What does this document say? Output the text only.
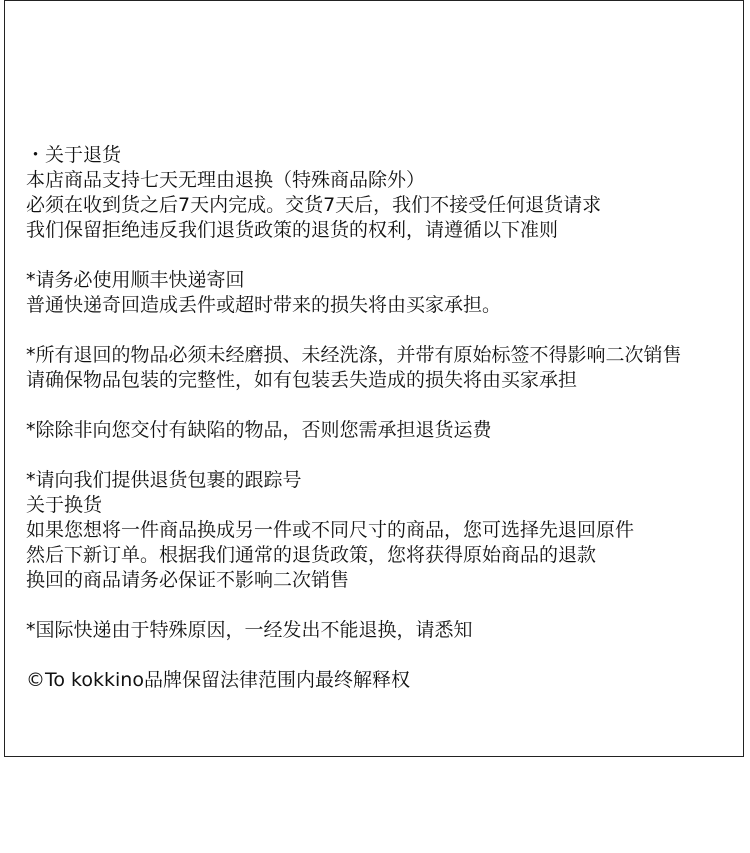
・关于退货
本店商品支持七天无理由退换（特殊商品除外）
必须在收到货之后7天内完成。交货7天后，我们不接受任何退货请求
我们保留拒绝违反我们退货政策的退货的权利，请遵循以下准则
*请务必使用顺丰快递寄回
普通快递奇回造成丢件或超时带来的损失将由买家承担。
*所有退回的物品必须未经磨损、未经洗涤，并带有原始标签不得影响二次销售
请确保物品包装的完整性，如有包装丢失造成的损失将由买家承担
*除除非向您交付有缺陷的物品，否则您需承担退货运费
*请向我们提供退货包裹的跟踪号
关于换货
如果您想将一件商品换成另一件或不同尺寸的商品，您可选择先退回原件
然后下新订单。根据我们通常的退货政策，您将获得原始商品的退款
换回的商品请务必保证不影响二次销售
*国际快递由于特殊原因，一经发出不能退换，请悉知
©To kokkino品牌保留法律范围内最终解释权
